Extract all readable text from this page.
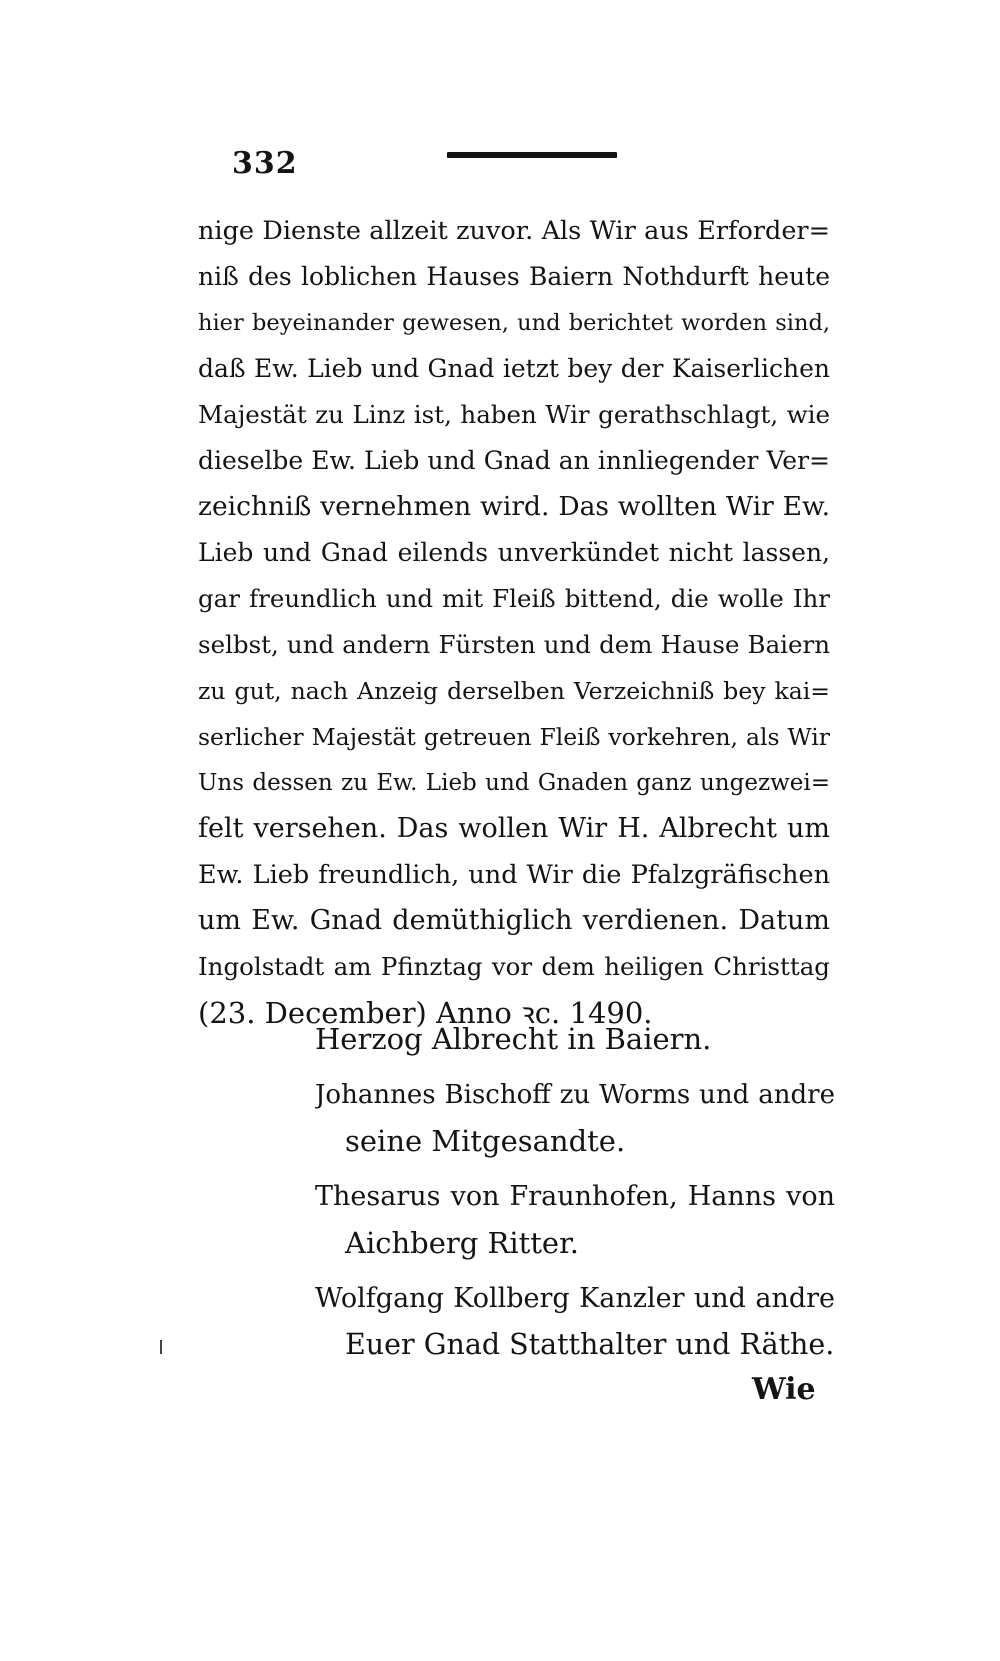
332
nige Dienste allzeit zuvor. Als Wir aus Erforder=
niß des loblichen Hauses Baiern Nothdurft heute
hier beyeinander gewesen, und berichtet worden sind,
daß Ew. Lieb und Gnad ietzt bey der Kaiserlichen
Majestät zu Linz ist, haben Wir gerathschlagt, wie
dieselbe Ew. Lieb und Gnad an innliegender Ver=
zeichniß vernehmen wird. Das wollten Wir Ew.
Lieb und Gnad eilends unverkündet nicht lassen,
gar freundlich und mit Fleiß bittend, die wolle Ihr
selbst, und andern Fürsten und dem Hause Baiern
zu gut, nach Anzeig derselben Verzeichniß bey kai=
serlicher Majestät getreuen Fleiß vorkehren, als Wir
Uns dessen zu Ew. Lieb und Gnaden ganz ungezwei=
felt versehen. Das wollen Wir H. Albrecht um
Ew. Lieb freundlich, und Wir die Pfalzgräfischen
um Ew. Gnad demüthiglich verdienen. Datum
Ingolstadt am Pfinztag vor dem heiligen Christtag
(23. December) Anno ꝛc. 1490.
Herzog Albrecht in Baiern.
Johannes Bischoff zu Worms und andre
seine Mitgesandte.
Thesarus von Fraunhofen, Hanns von
Aichberg Ritter.
Wolfgang Kollberg Kanzler und andre
Euer Gnad Statthalter und Räthe.
Wie
